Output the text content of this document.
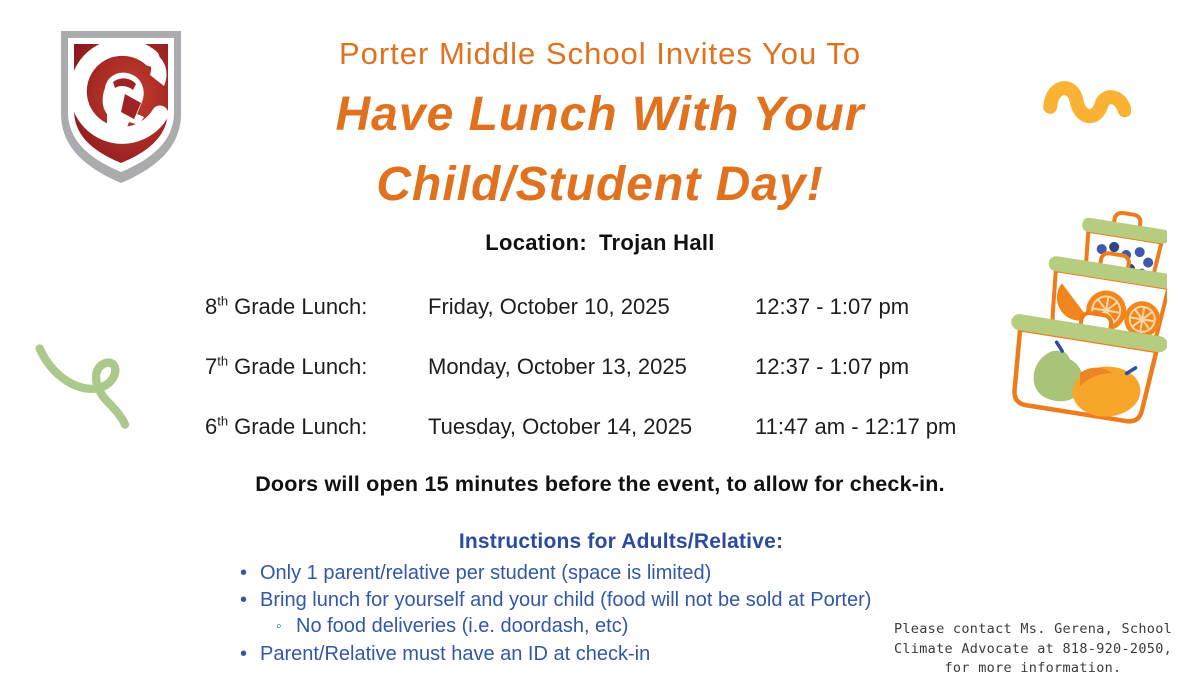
Porter Middle School Invites You To
Have Lunch With Your
Child/Student Day!
Location: Trojan Hall
8th Grade Lunch:	Friday, October 10, 2025	12:37 - 1:07 pm
7th Grade Lunch:	Monday, October 13, 2025	12:37 - 1:07 pm
6th Grade Lunch:	Tuesday, October 14, 2025	11:47 am - 12:17 pm
Doors will open 15 minutes before the event, to allow for check-in.
Instructions for Adults/Relative:
• Only 1 parent/relative per student (space is limited)
• Bring lunch for yourself and your child (food will not be sold at Porter)
◦ No food deliveries (i.e. doordash, etc)
• Parent/Relative must have an ID at check-in
Please contact Ms. Gerena, School
Climate Advocate at 818-920-2050,
for more information.
